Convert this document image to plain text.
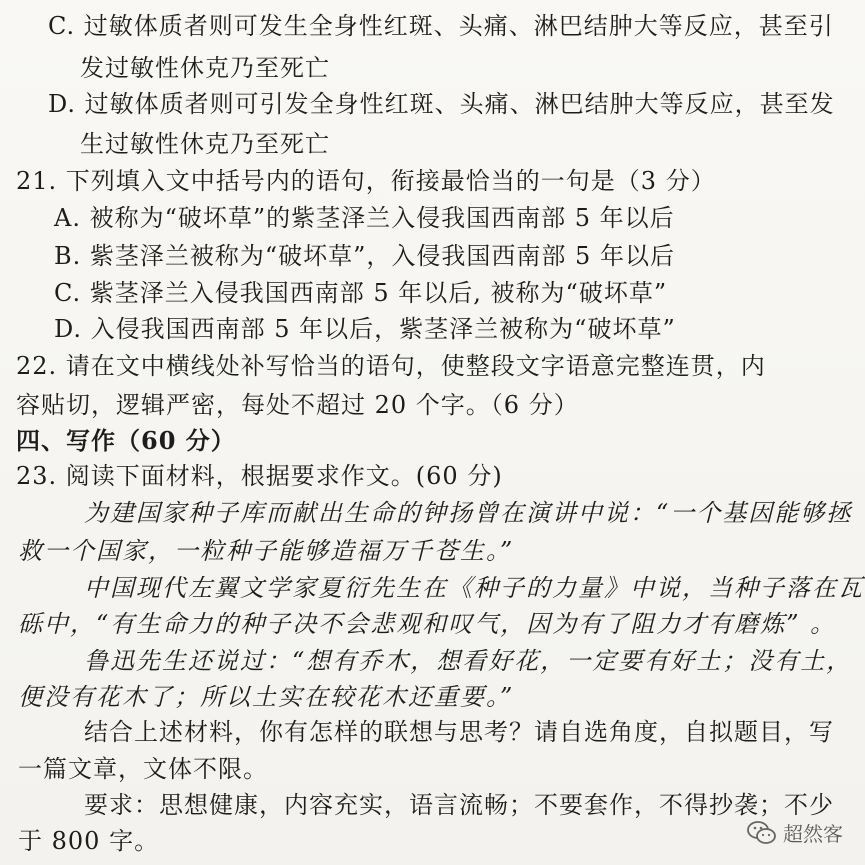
C. 过敏体质者则可发生全身性红斑、头痛、淋巴结肿大等反应，甚至引
发过敏性休克乃至死亡
D. 过敏体质者则可引发全身性红斑、头痛、淋巴结肿大等反应，甚至发
生过敏性休克乃至死亡
21. 下列填入文中括号内的语句，衔接最恰当的一句是（3 分）
A. 被称为“破坏草”的紫茎泽兰入侵我国西南部 5 年以后
B. 紫茎泽兰被称为“破坏草”，入侵我国西南部 5 年以后
C. 紫茎泽兰入侵我国西南部 5 年以后, 被称为“破坏草”
D. 入侵我国西南部 5 年以后，紫茎泽兰被称为“破坏草”
22. 请在文中横线处补写恰当的语句，使整段文字语意完整连贯，内
容贴切，逻辑严密，每处不超过 20 个字。（6 分）
四、写作（60 分）
23. 阅读下面材料，根据要求作文。(60 分)
为建国家种子库而献出生命的钟扬曾在演讲中说：“一个基因能够拯
救一个国家，一粒种子能够造福万千苍生。”
中国现代左翼文学家夏衍先生在《种子的力量》中说，当种子落在瓦
砾中，“有生命力的种子决不会悲观和叹气，因为有了阻力才有磨炼” 。
鲁迅先生还说过：“想有乔木，想看好花，一定要有好土；没有土，
便没有花木了；所以土实在较花木还重要。”
结合上述材料，你有怎样的联想与思考？请自选角度，自拟题目，写
一篇文章，文体不限。
要求：思想健康，内容充实，语言流畅；不要套作，不得抄袭；不少
于 800 字。	超然客
